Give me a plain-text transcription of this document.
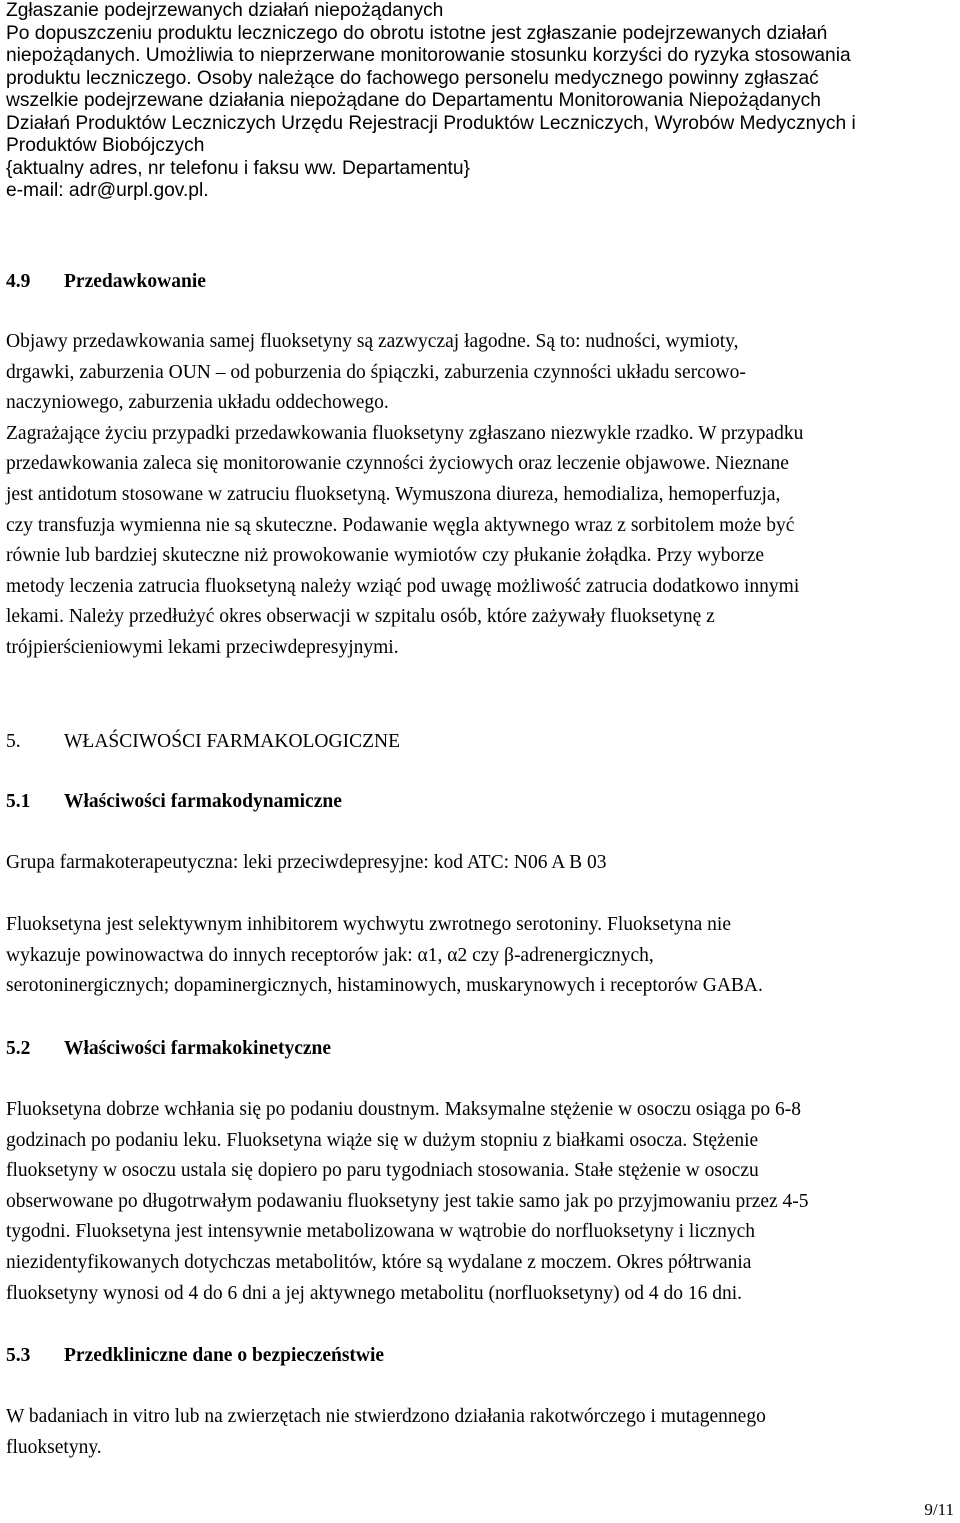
Zgłaszanie podejrzewanych działań niepożądanych
Po dopuszczeniu produktu leczniczego do obrotu istotne jest zgłaszanie podejrzewanych działań
niepożądanych. Umożliwia to nieprzerwane monitorowanie stosunku korzyści do ryzyka stosowania
produktu leczniczego. Osoby należące do fachowego personelu medycznego powinny zgłaszać
wszelkie podejrzewane działania niepożądane do Departamentu Monitorowania Niepożądanych
Działań Produktów Leczniczych Urzędu Rejestracji Produktów Leczniczych, Wyrobów Medycznych i
Produktów Biobójczych
{aktualny adres, nr telefonu i faksu ww. Departamentu}
e-mail: adr@urpl.gov.pl.
4.9 Przedawkowanie
Objawy przedawkowania samej fluoksetyny są zazwyczaj łagodne. Są to: nudności, wymioty,
drgawki, zaburzenia OUN – od poburzenia do śpiączki, zaburzenia czynności układu sercowo-
naczyniowego, zaburzenia układu oddechowego.
Zagrażające życiu przypadki przedawkowania fluoksetyny zgłaszano niezwykle rzadko. W przypadku
przedawkowania zaleca się monitorowanie czynności życiowych oraz leczenie objawowe. Nieznane
jest antidotum stosowane w zatruciu fluoksetyną. Wymuszona diureza, hemodializa, hemoperfuzja,
czy transfuzja wymienna nie są skuteczne. Podawanie węgla aktywnego wraz z sorbitolem może być
równie lub bardziej skuteczne niż prowokowanie wymiotów czy płukanie żołądka. Przy wyborze
metody leczenia zatrucia fluoksetyną należy wziąć pod uwagę możliwość zatrucia dodatkowo innymi
lekami. Należy przedłużyć okres obserwacji w szpitalu osób, które zażywały fluoksetynę z
trójpierścieniowymi lekami przeciwdepresyjnymi.
5. WŁAŚCIWOŚCI FARMAKOLOGICZNE
5.1 Właściwości farmakodynamiczne
Grupa farmakoterapeutyczna: leki przeciwdepresyjne: kod ATC: N06 A B 03
Fluoksetyna jest selektywnym inhibitorem wychwytu zwrotnego serotoniny. Fluoksetyna nie
wykazuje powinowactwa do innych receptorów jak: α1, α2 czy β-adrenergicznych,
serotoninergicznych; dopaminergicznych, histaminowych, muskarynowych i receptorów GABA.
5.2 Właściwości farmakokinetyczne
Fluoksetyna dobrze wchłania się po podaniu doustnym. Maksymalne stężenie w osoczu osiąga po 6-8
godzinach po podaniu leku. Fluoksetyna wiąże się w dużym stopniu z białkami osocza. Stężenie
fluoksetyny w osoczu ustala się dopiero po paru tygodniach stosowania. Stałe stężenie w osoczu
obserwowane po długotrwałym podawaniu fluoksetyny jest takie samo jak po przyjmowaniu przez 4-5
tygodni. Fluoksetyna jest intensywnie metabolizowana w wątrobie do norfluoksetyny i licznych
niezidentyfikowanych dotychczas metabolitów, które są wydalane z moczem. Okres półtrwania
fluoksetyny wynosi od 4 do 6 dni a jej aktywnego metabolitu (norfluoksetyny) od 4 do 16 dni.
5.3 Przedkliniczne dane o bezpieczeństwie
W badaniach in vitro lub na zwierzętach nie stwierdzono działania rakotwórczego i mutagennego
fluoksetyny.
9/11
